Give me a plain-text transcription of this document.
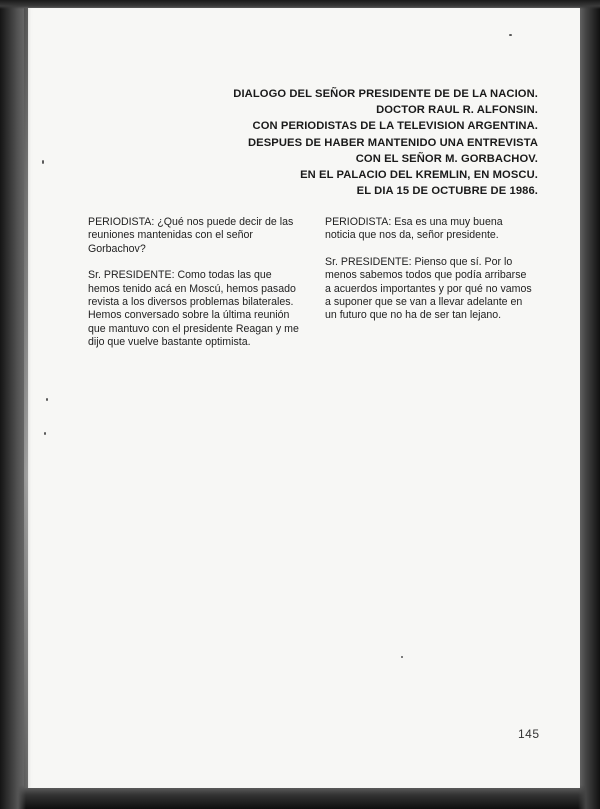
DIALOGO DEL SEÑOR PRESIDENTE DE DE LA NACION.
DOCTOR RAUL R. ALFONSIN.
CON PERIODISTAS DE LA TELEVISION ARGENTINA.
DESPUES DE HABER MANTENIDO UNA ENTREVISTA
CON EL SEÑOR M. GORBACHOV.
EN EL PALACIO DEL KREMLIN, EN MOSCU.
EL DIA 15 DE OCTUBRE DE 1986.

PERIODISTA: ¿Qué nos puede decir de las reuniones mantenidas con el señor Gorbachov?

Sr. PRESIDENTE: Como todas las que hemos tenido acá en Moscú, hemos pasado revista a los diversos problemas bilaterales. Hemos conversado sobre la última reunión que mantuvo con el presidente Reagan y me dijo que vuelve bastante optimista.

PERIODISTA: Esa es una muy buena noticia que nos da, señor presidente.

Sr. PRESIDENTE: Pienso que sí. Por lo menos sabemos todos que podía arribarse a acuerdos importantes y por qué no vamos a suponer que se van a llevar adelante en un futuro que no ha de ser tan lejano.

145
